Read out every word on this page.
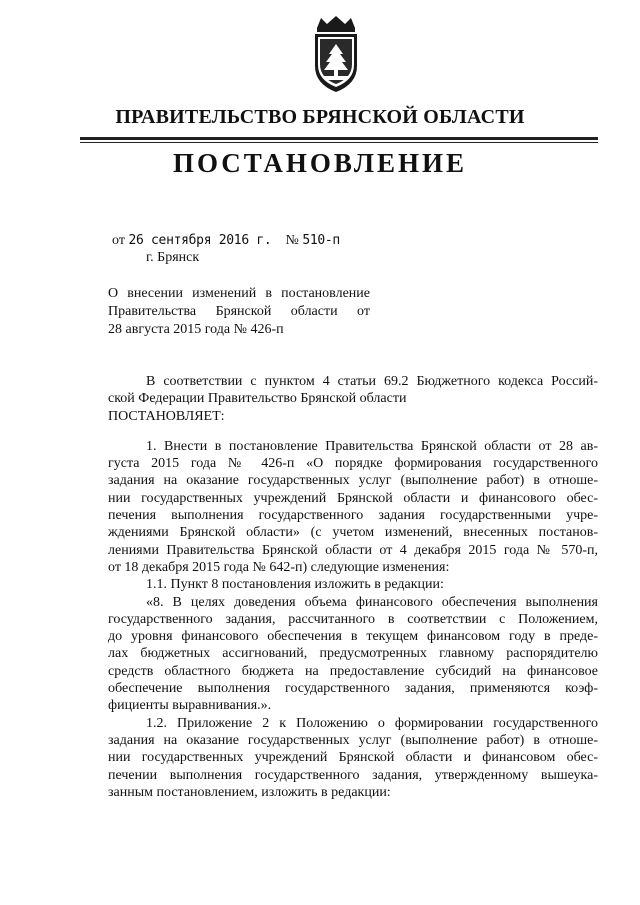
ПРАВИТЕЛЬСТВО БРЯНСКОЙ ОБЛАСТИ
ПОСТАНОВЛЕНИЕ
от 26 сентября 2016 г. № 510-п
г. Брянск
О внесении изменений в постановление
Правительства Брянской области от
28 августа 2015 года № 426-п
В соответствии с пунктом 4 статьи 69.2 Бюджетного кодекса Россий-
ской Федерации Правительство Брянской области
ПОСТАНОВЛЯЕТ:
1. Внести в постановление Правительства Брянской области от 28 ав-
густа 2015 года № 426-п «О порядке формирования государственного
задания на оказание государственных услуг (выполнение работ) в отноше-
нии государственных учреждений Брянской области и финансового обес-
печения выполнения государственного задания государственными учре-
ждениями Брянской области» (с учетом изменений, внесенных постанов-
лениями Правительства Брянской области от 4 декабря 2015 года № 570-п,
от 18 декабря 2015 года № 642-п) следующие изменения:
1.1. Пункт 8 постановления изложить в редакции:
«8. В целях доведения объема финансового обеспечения выполнения
государственного задания, рассчитанного в соответствии с Положением,
до уровня финансового обеспечения в текущем финансовом году в преде-
лах бюджетных ассигнований, предусмотренных главному распорядителю
средств областного бюджета на предоставление субсидий на финансовое
обеспечение выполнения государственного задания, применяются коэф-
фициенты выравнивания.».
1.2. Приложение 2 к Положению о формировании государственного
задания на оказание государственных услуг (выполнение работ) в отноше-
нии государственных учреждений Брянской области и финансовом обес-
печении выполнения государственного задания, утвержденному вышеука-
занным постановлением, изложить в редакции:
